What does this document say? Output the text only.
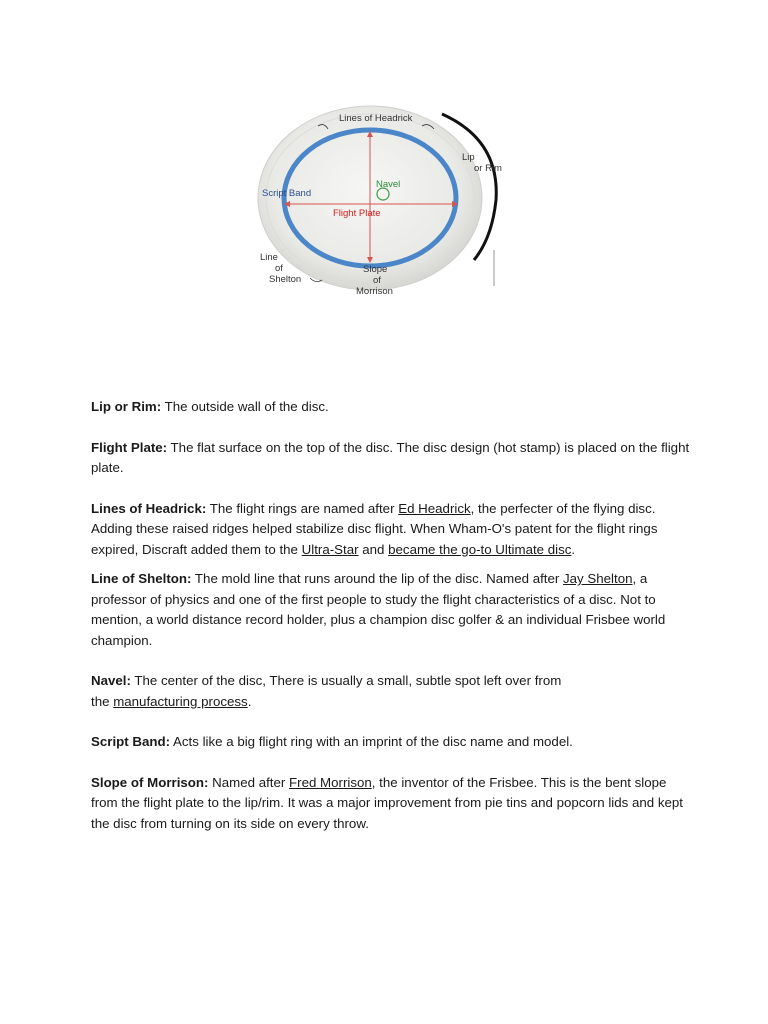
Lines of Headrick
Lip
or Rim
Script Band
Navel
Flight Plate
Line
of
Shelton
Slope
of
Morrison

Lip or Rim: The outside wall of the disc.

Flight Plate: The flat surface on the top of the disc. The disc design (hot stamp) is placed on the flight plate.

Lines of Headrick: The flight rings are named after Ed Headrick, the perfecter of the flying disc. Adding these raised ridges helped stabilize disc flight. When Wham-O's patent for the flight rings expired, Discraft added them to the Ultra-Star and became the go-to Ultimate disc.

Line of Shelton: The mold line that runs around the lip of the disc. Named after Jay Shelton, a professor of physics and one of the first people to study the flight characteristics of a disc. Not to mention, a world distance record holder, plus a champion disc golfer & an individual Frisbee world champion.

Navel: The center of the disc, There is usually a small, subtle spot left over from the manufacturing process.

Script Band: Acts like a big flight ring with an imprint of the disc name and model.

Slope of Morrison: Named after Fred Morrison, the inventor of the Frisbee. This is the bent slope from the flight plate to the lip/rim. It was a major improvement from pie tins and popcorn lids and kept the disc from turning on its side on every throw.
